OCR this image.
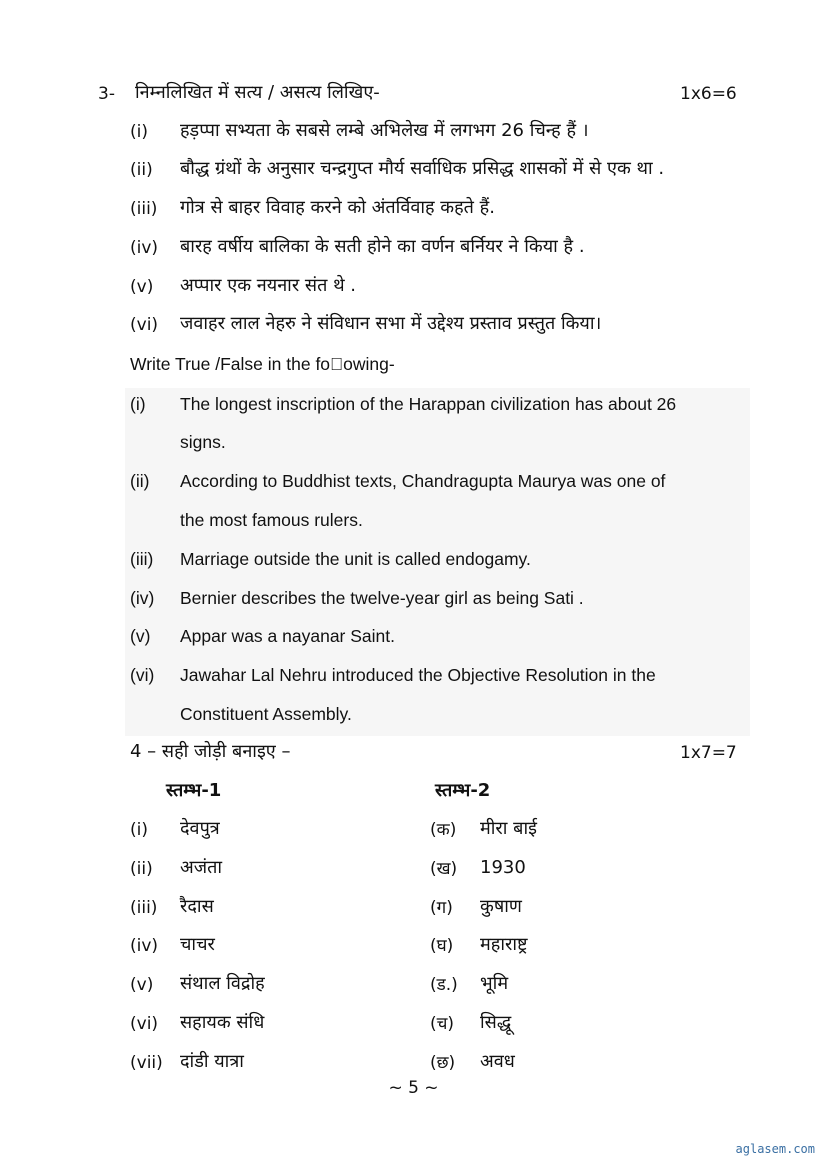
3- निम्नलिखित में सत्य / असत्य लिखिए-	1x6=6
(i) हड़प्पा सभ्यता के सबसे लम्बे अभिलेख में लगभग 26 चिन्ह हैं ।
(ii) बौद्ध ग्रंथों के अनुसार चन्द्रगुप्त मौर्य सर्वाधिक प्रसिद्ध शासकों में से एक था .
(iii) गोत्र से बाहर विवाह करने को अंतर्विवाह कहते हैं.
(iv) बारह वर्षीय बालिका के सती होने का वर्णन बर्नियर ने किया है .
(v) अप्पार एक नयनार संत थे .
(vi) जवाहर लाल नेहरु ने संविधान सभा में उद्देश्य प्रस्ताव प्रस्तुत किया।
Write True /False in the fo owing-
(i) The longest inscription of the Harappan civilization has about 26
signs.
(ii) According to Buddhist texts, Chandragupta Maurya was one of
the most famous rulers.
(iii) Marriage outside the unit is called endogamy.
(iv) Bernier describes the twelve-year girl as being Sati .
(v) Appar was a nayanar Saint.
(vi) Jawahar Lal Nehru introduced the Objective Resolution in the
Constituent Assembly.
4 – सही जोड़ी बनाइए –	1x7=7
स्तम्भ-1	स्तम्भ-2
(i) देवपुत्र	(क) मीरा बाई
(ii) अजंता	(ख) 1930
(iii) रैदास	(ग) कुषाण
(iv) चाचर	(घ) महाराष्ट्र
(v) संथाल विद्रोह	(ड.) भूमि
(vi) सहायक संधि	(च) सिद्धू
(vii) दांडी यात्रा	(छ) अवध
~ 5 ~
aglasem.com
